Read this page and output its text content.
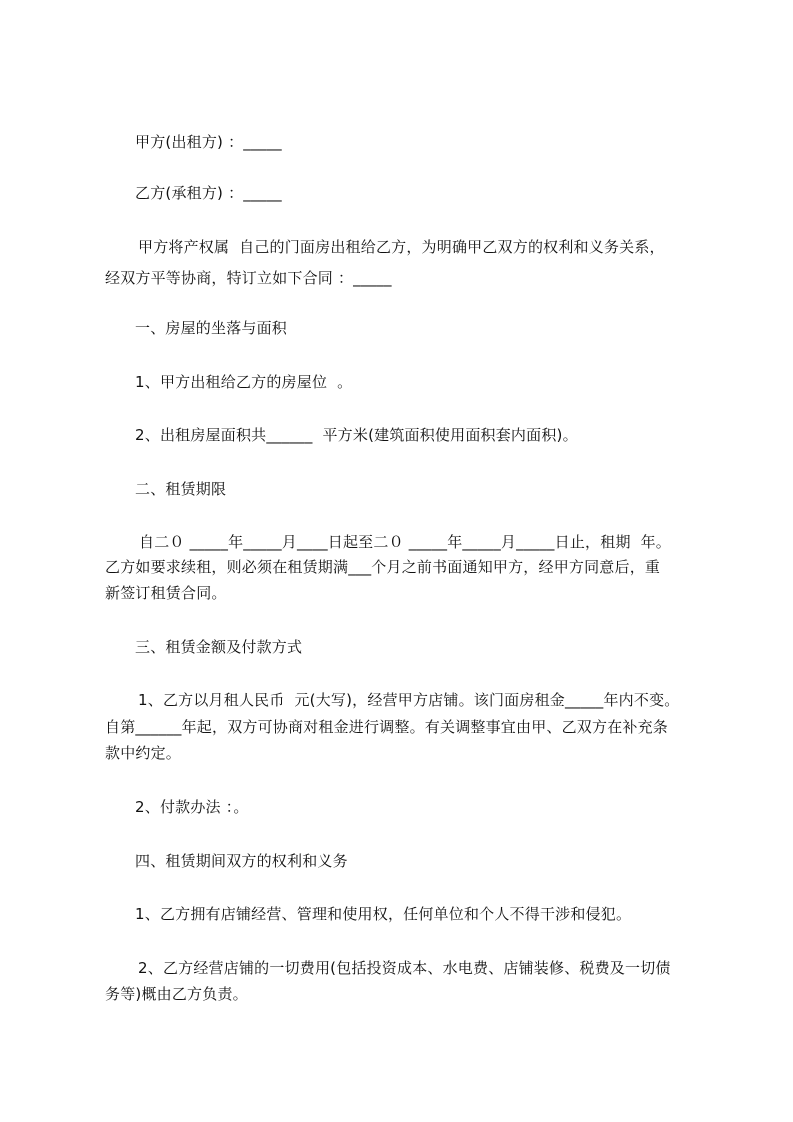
甲方(出租方) ：_____
乙方(承租方) ：_____
甲方将产权属  自己的门面房出租给乙方，为明确甲乙双方的权利和义务关系，
经双方平等协商，特订立如下合同 ：_____
一、房屋的坐落与面积
1、甲方出租给乙方的房屋位  。
2、出租房屋面积共______  平方米(建筑面积使用面积套内面积)。
二、租赁期限
自二０ _____年_____月____日起至二０ _____年_____月_____日止，租期  年。
乙方如要求续租，则必须在租赁期满___个月之前书面通知甲方，经甲方同意后，重
新签订租赁合同。
三、租赁金额及付款方式
1、乙方以月租人民币  元(大写)，经营甲方店铺。该门面房租金_____年内不变。
自第______年起，双方可协商对租金进行调整。有关调整事宜由甲、乙双方在补充条
款中约定。
2、付款办法 ：。
四、租赁期间双方的权利和义务
1、乙方拥有店铺经营、管理和使用权，任何单位和个人不得干涉和侵犯。
2、乙方经营店铺的一切费用(包括投资成本、水电费、店铺装修、税费及一切债
务等)概由乙方负责。
